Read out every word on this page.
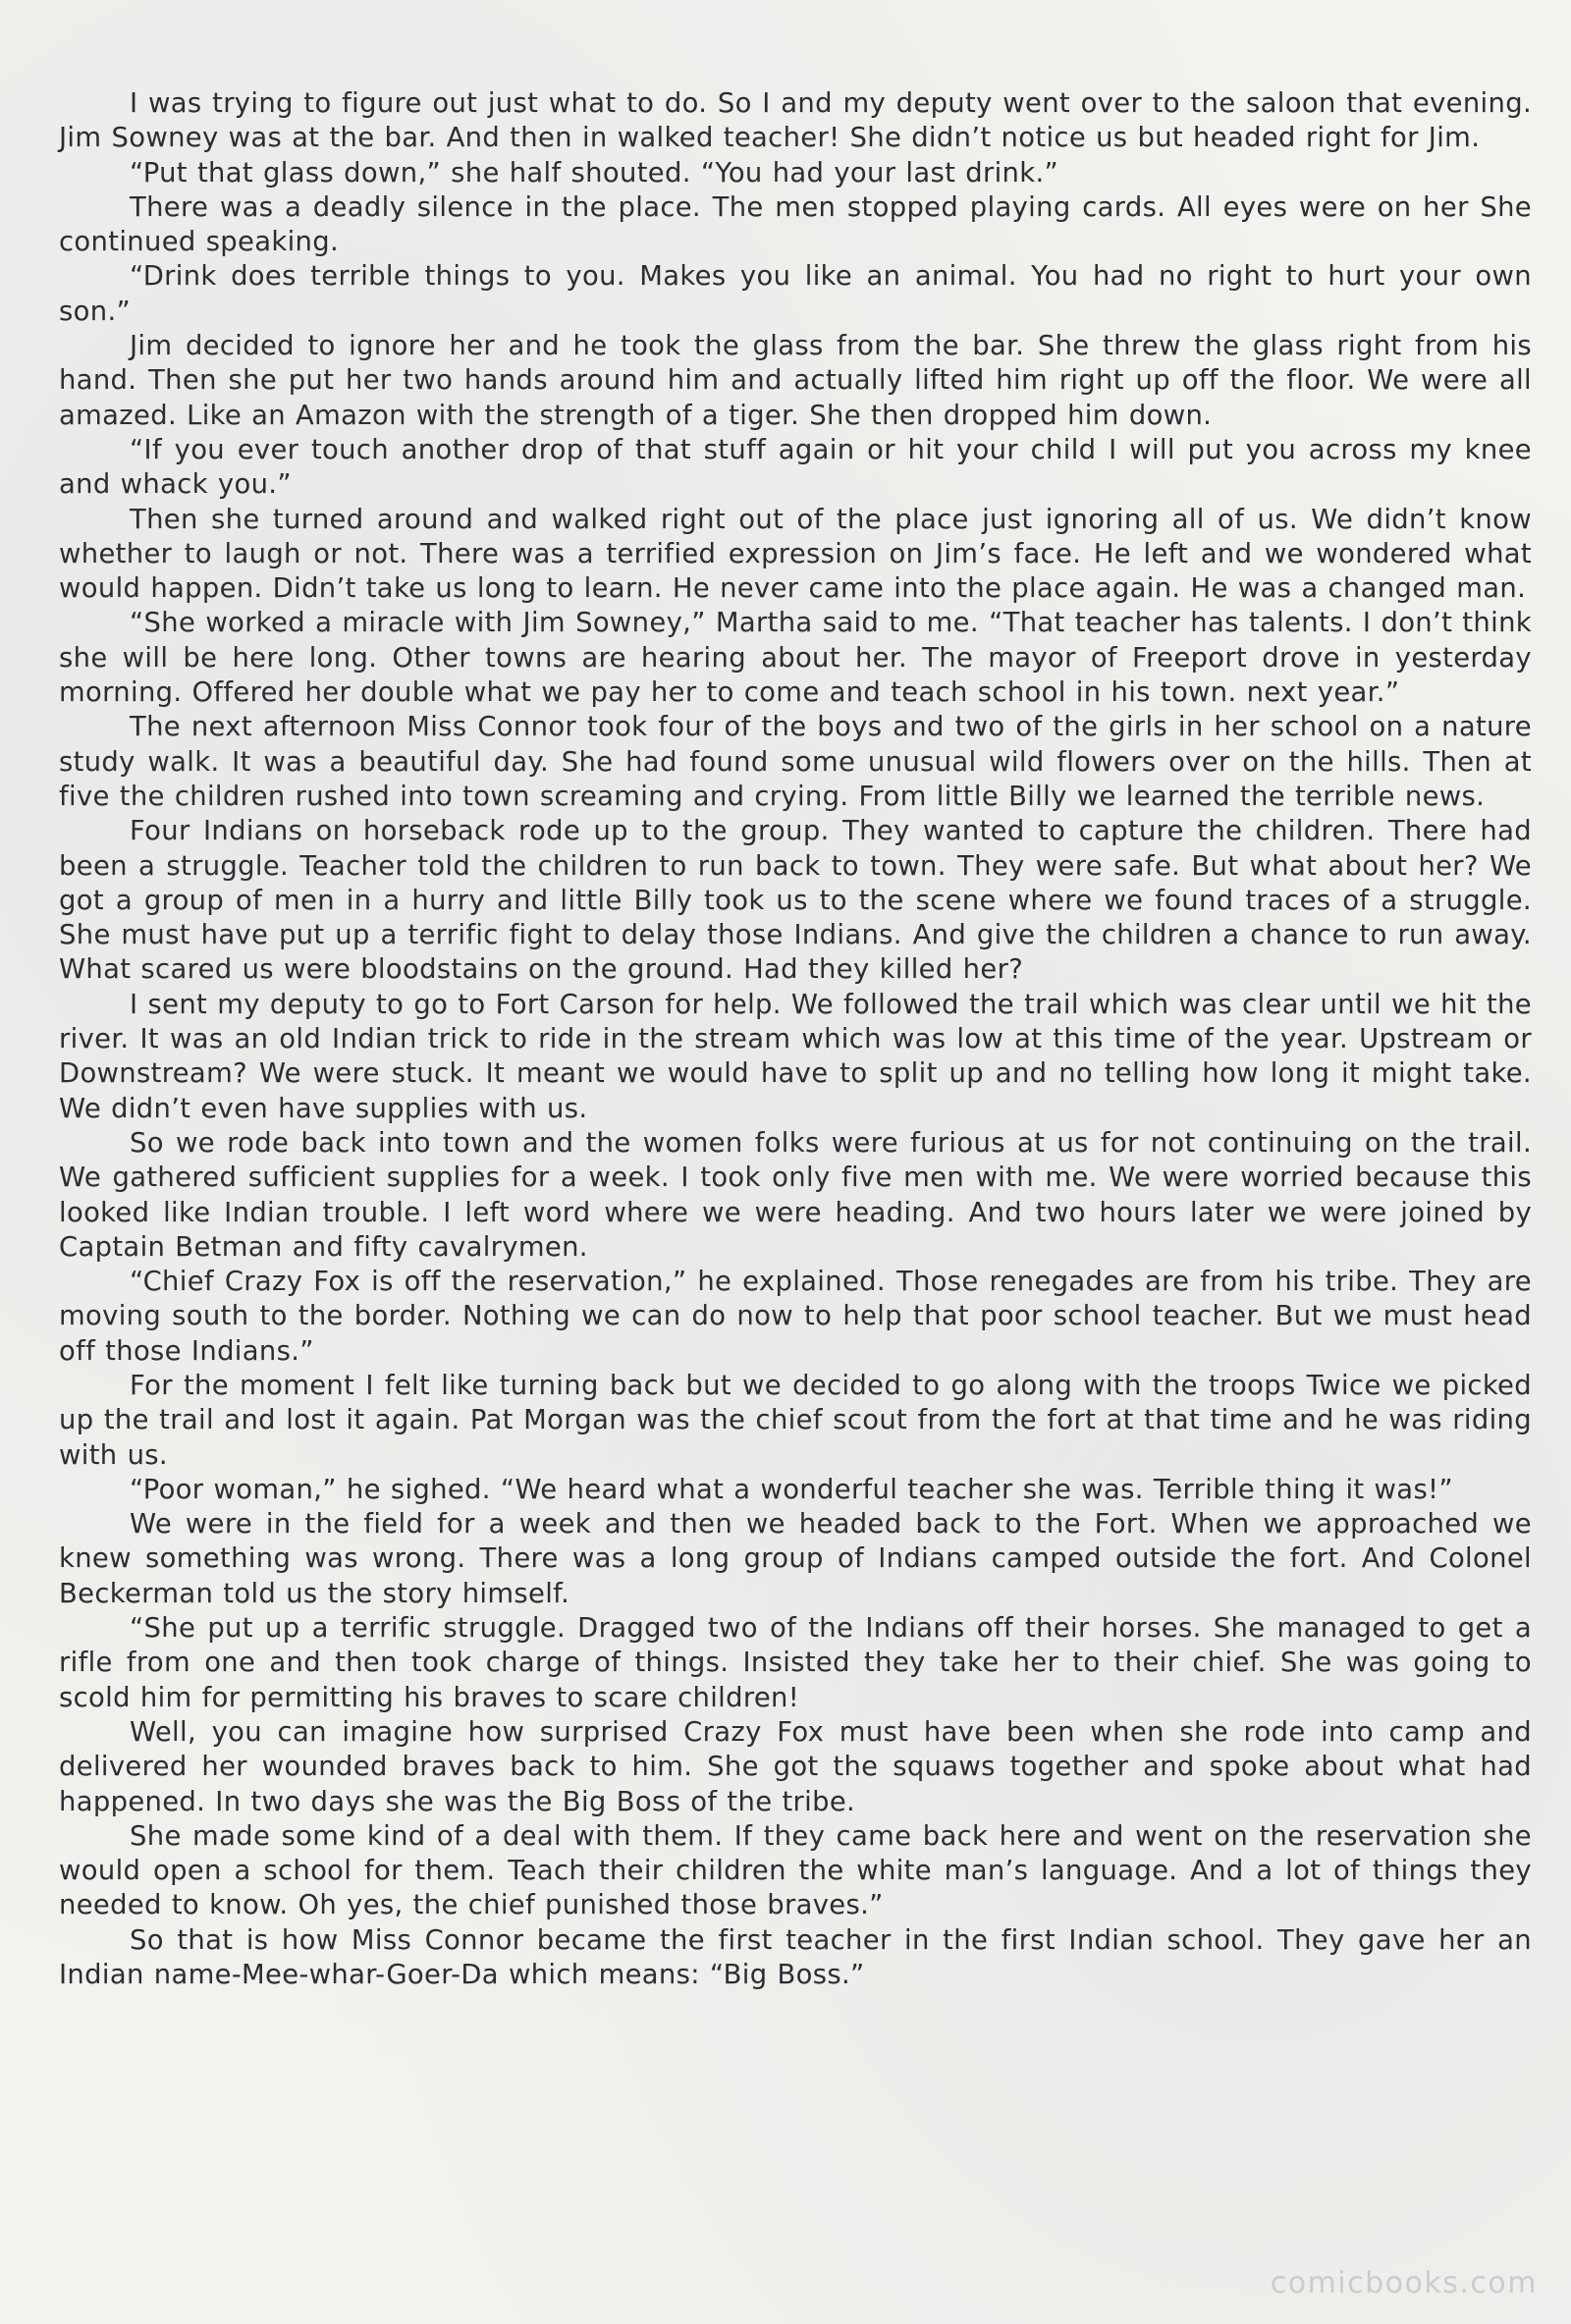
I was trying to figure out just what to do. So I and my deputy went over to the saloon that evening. Jim Sowney was at the bar. And then in walked teacher! She didn’t notice us but headed right for Jim.

“Put that glass down,” she half shouted. “You had your last drink.”

There was a deadly silence in the place. The men stopped playing cards. All eyes were on her She continued speaking.

“Drink does terrible things to you. Makes you like an animal. You had no right to hurt your own son.”

Jim decided to ignore her and he took the glass from the bar. She threw the glass right from his hand. Then she put her two hands around him and actually lifted him right up off the floor. We were all amazed. Like an Amazon with the strength of a tiger. She then dropped him down.

“If you ever touch another drop of that stuff again or hit your child I will put you across my knee and whack you.”

Then she turned around and walked right out of the place just ignoring all of us. We didn’t know whether to laugh or not. There was a terrified expression on Jim’s face. He left and we wondered what would happen. Didn’t take us long to learn. He never came into the place again. He was a changed man.

“She worked a miracle with Jim Sowney,” Martha said to me. “That teacher has talents. I don’t think she will be here long. Other towns are hearing about her. The mayor of Freeport drove in yesterday morning. Offered her double what we pay her to come and teach school in his town. next year.”

The next afternoon Miss Connor took four of the boys and two of the girls in her school on a nature study walk. It was a beautiful day. She had found some unusual wild flowers over on the hills. Then at five the children rushed into town screaming and crying. From little Billy we learned the terrible news.

Four Indians on horseback rode up to the group. They wanted to capture the children. There had been a struggle. Teacher told the children to run back to town. They were safe. But what about her? We got a group of men in a hurry and little Billy took us to the scene where we found traces of a struggle. She must have put up a terrific fight to delay those Indians. And give the children a chance to run away. What scared us were bloodstains on the ground. Had they killed her?

I sent my deputy to go to Fort Carson for help. We followed the trail which was clear until we hit the river. It was an old Indian trick to ride in the stream which was low at this time of the year. Upstream or Downstream? We were stuck. It meant we would have to split up and no telling how long it might take. We didn’t even have supplies with us.

So we rode back into town and the women folks were furious at us for not continuing on the trail. We gathered sufficient supplies for a week. I took only five men with me. We were worried because this looked like Indian trouble. I left word where we were heading. And two hours later we were joined by Captain Betman and fifty cavalrymen.

“Chief Crazy Fox is off the reservation,” he explained. Those renegades are from his tribe. They are moving south to the border. Nothing we can do now to help that poor school teacher. But we must head off those Indians.”

For the moment I felt like turning back but we decided to go along with the troops Twice we picked up the trail and lost it again. Pat Morgan was the chief scout from the fort at that time and he was riding with us.

“Poor woman,” he sighed. “We heard what a wonderful teacher she was. Terrible thing it was!”

We were in the field for a week and then we headed back to the Fort. When we approached we knew something was wrong. There was a long group of Indians camped outside the fort. And Colonel Beckerman told us the story himself.

“She put up a terrific struggle. Dragged two of the Indians off their horses. She managed to get a rifle from one and then took charge of things. Insisted they take her to their chief. She was going to scold him for permitting his braves to scare children!

Well, you can imagine how surprised Crazy Fox must have been when she rode into camp and delivered her wounded braves back to him. She got the squaws together and spoke about what had happened. In two days she was the Big Boss of the tribe.

She made some kind of a deal with them. If they came back here and went on the reservation she would open a school for them. Teach their children the white man’s language. And a lot of things they needed to know. Oh yes, the chief punished those braves.”

So that is how Miss Connor became the first teacher in the first Indian school. They gave her an Indian name-Mee-whar-Goer-Da which means: “Big Boss.”

comicbooks.com
